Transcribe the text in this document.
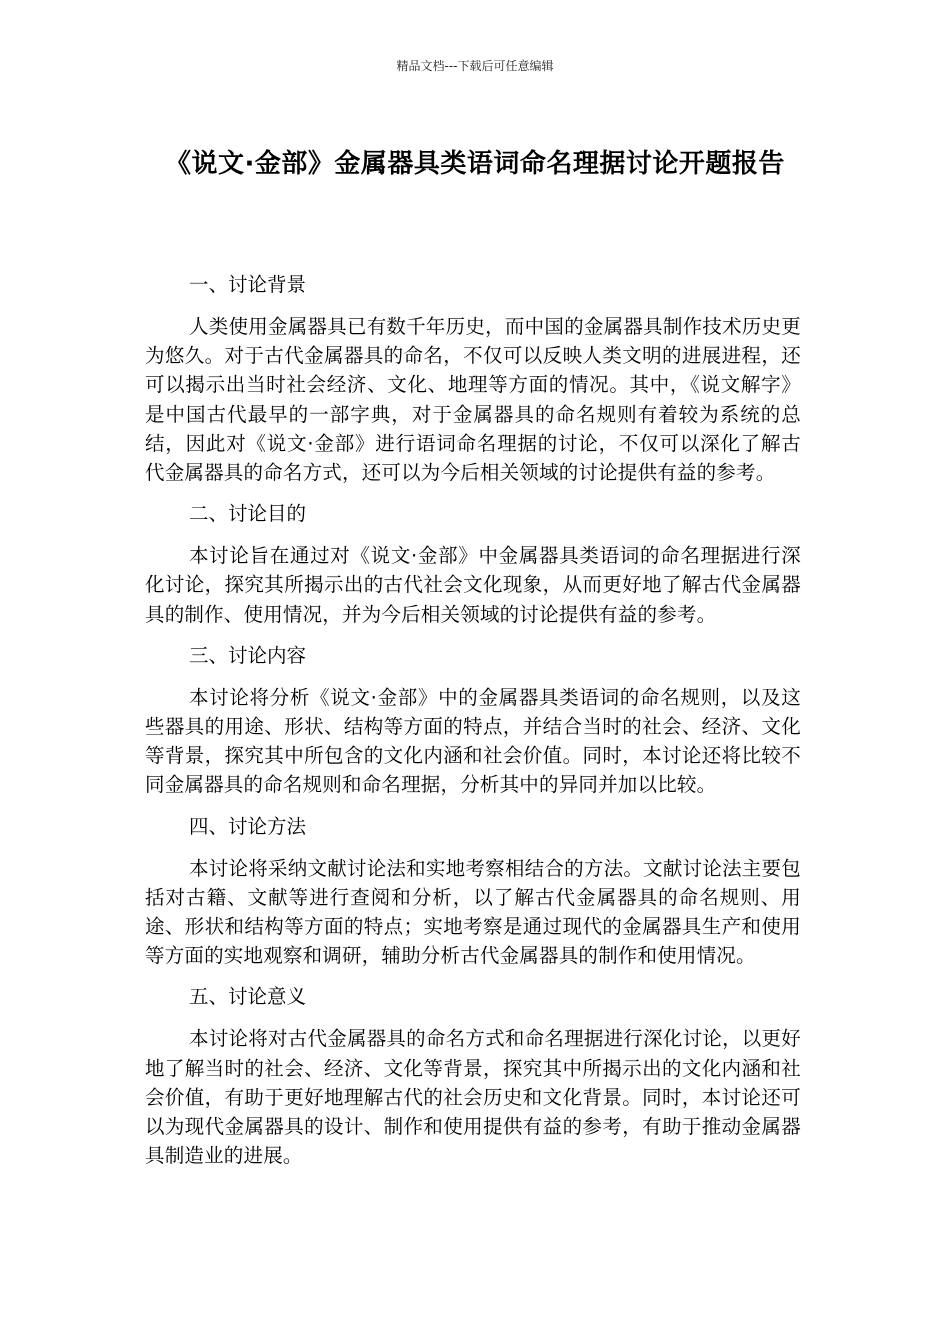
精品文档---下载后可任意编辑
《说文·金部》金属器具类语词命名理据讨论开题报告
一、讨论背景

人类使用金属器具已有数千年历史，而中国的金属器具制作技术历史更为悠久。对于古代金属器具的命名，不仅可以反映人类文明的进展进程，还可以揭示出当时社会经济、文化、地理等方面的情况。其中，《说文解字》是中国古代最早的一部字典，对于金属器具的命名规则有着较为系统的总结，因此对《说文·金部》进行语词命名理据的讨论，不仅可以深化了解古代金属器具的命名方式，还可以为今后相关领域的讨论提供有益的参考。

二、讨论目的

本讨论旨在通过对《说文·金部》中金属器具类语词的命名理据进行深化讨论，探究其所揭示出的古代社会文化现象，从而更好地了解古代金属器具的制作、使用情况，并为今后相关领域的讨论提供有益的参考。

三、讨论内容

本讨论将分析《说文·金部》中的金属器具类语词的命名规则，以及这些器具的用途、形状、结构等方面的特点，并结合当时的社会、经济、文化等背景，探究其中所包含的文化内涵和社会价值。同时，本讨论还将比较不同金属器具的命名规则和命名理据，分析其中的异同并加以比较。

四、讨论方法

本讨论将采纳文献讨论法和实地考察相结合的方法。文献讨论法主要包括对古籍、文献等进行查阅和分析，以了解古代金属器具的命名规则、用途、形状和结构等方面的特点；实地考察是通过现代的金属器具生产和使用等方面的实地观察和调研，辅助分析古代金属器具的制作和使用情况。

五、讨论意义

本讨论将对古代金属器具的命名方式和命名理据进行深化讨论，以更好地了解当时的社会、经济、文化等背景，探究其中所揭示出的文化内涵和社会价值，有助于更好地理解古代的社会历史和文化背景。同时，本讨论还可以为现代金属器具的设计、制作和使用提供有益的参考，有助于推动金属器具制造业的进展。
